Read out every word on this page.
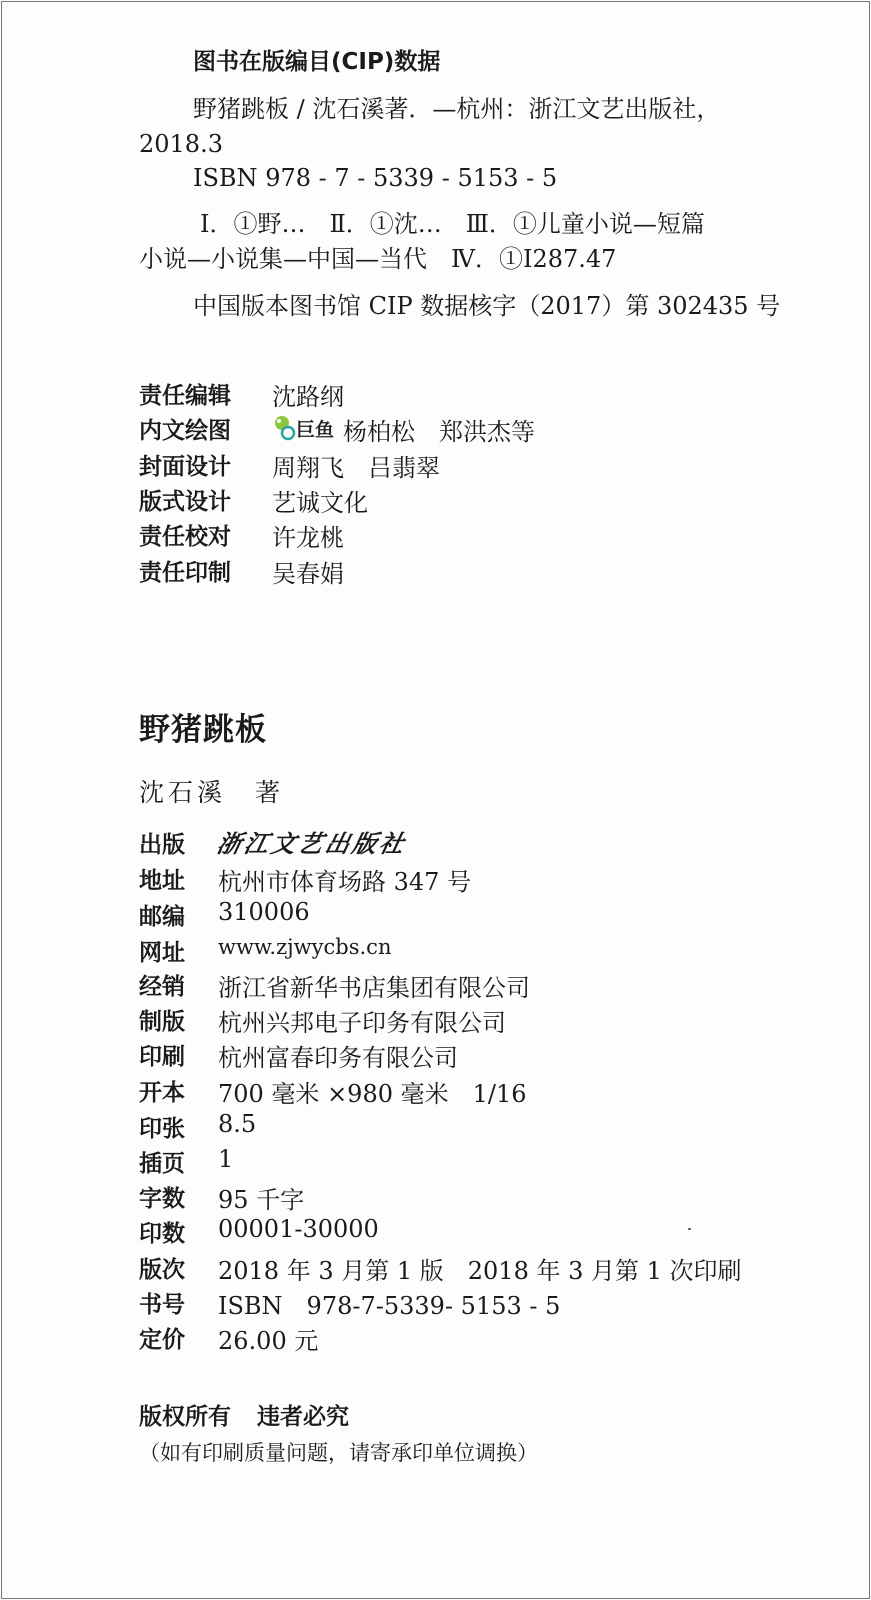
图书在版编目(CIP)数据
野猪跳板 / 沈石溪著．—杭州：浙江文艺出版社，
2018.3
ISBN 978 - 7 - 5339 - 5153 - 5
Ⅰ．①野…　Ⅱ．①沈…　Ⅲ．①儿童小说—短篇
小说—小说集—中国—当代　Ⅳ．①I287.47
中国版本图书馆 CIP 数据核字（2017）第 302435 号
责任编辑 沈路纲
内文绘图	巨鱼 杨柏松　郑洪杰等
封面设计 周翔飞　吕翡翠
版式设计 艺诚文化
责任校对 许龙桃
责任印制 吴春娟
野猪跳板
沈石溪　著
出版 浙江文艺出版社
地址 杭州市体育场路 347 号
邮编 310006
网址 www.zjwycbs.cn
经销 浙江省新华书店集团有限公司
制版 杭州兴邦电子印务有限公司
印刷 杭州富春印务有限公司
开本 700 毫米 ×980 毫米　1/16
印张 8.5
插页 1
字数 95 千字
印数 00001-30000
版次 2018 年 3 月第 1 版　2018 年 3 月第 1 次印刷
书号 ISBN　978-7-5339- 5153 - 5
定价 26.00 元
版权所有 违者必究
（如有印刷质量问题，请寄承印单位调换）
